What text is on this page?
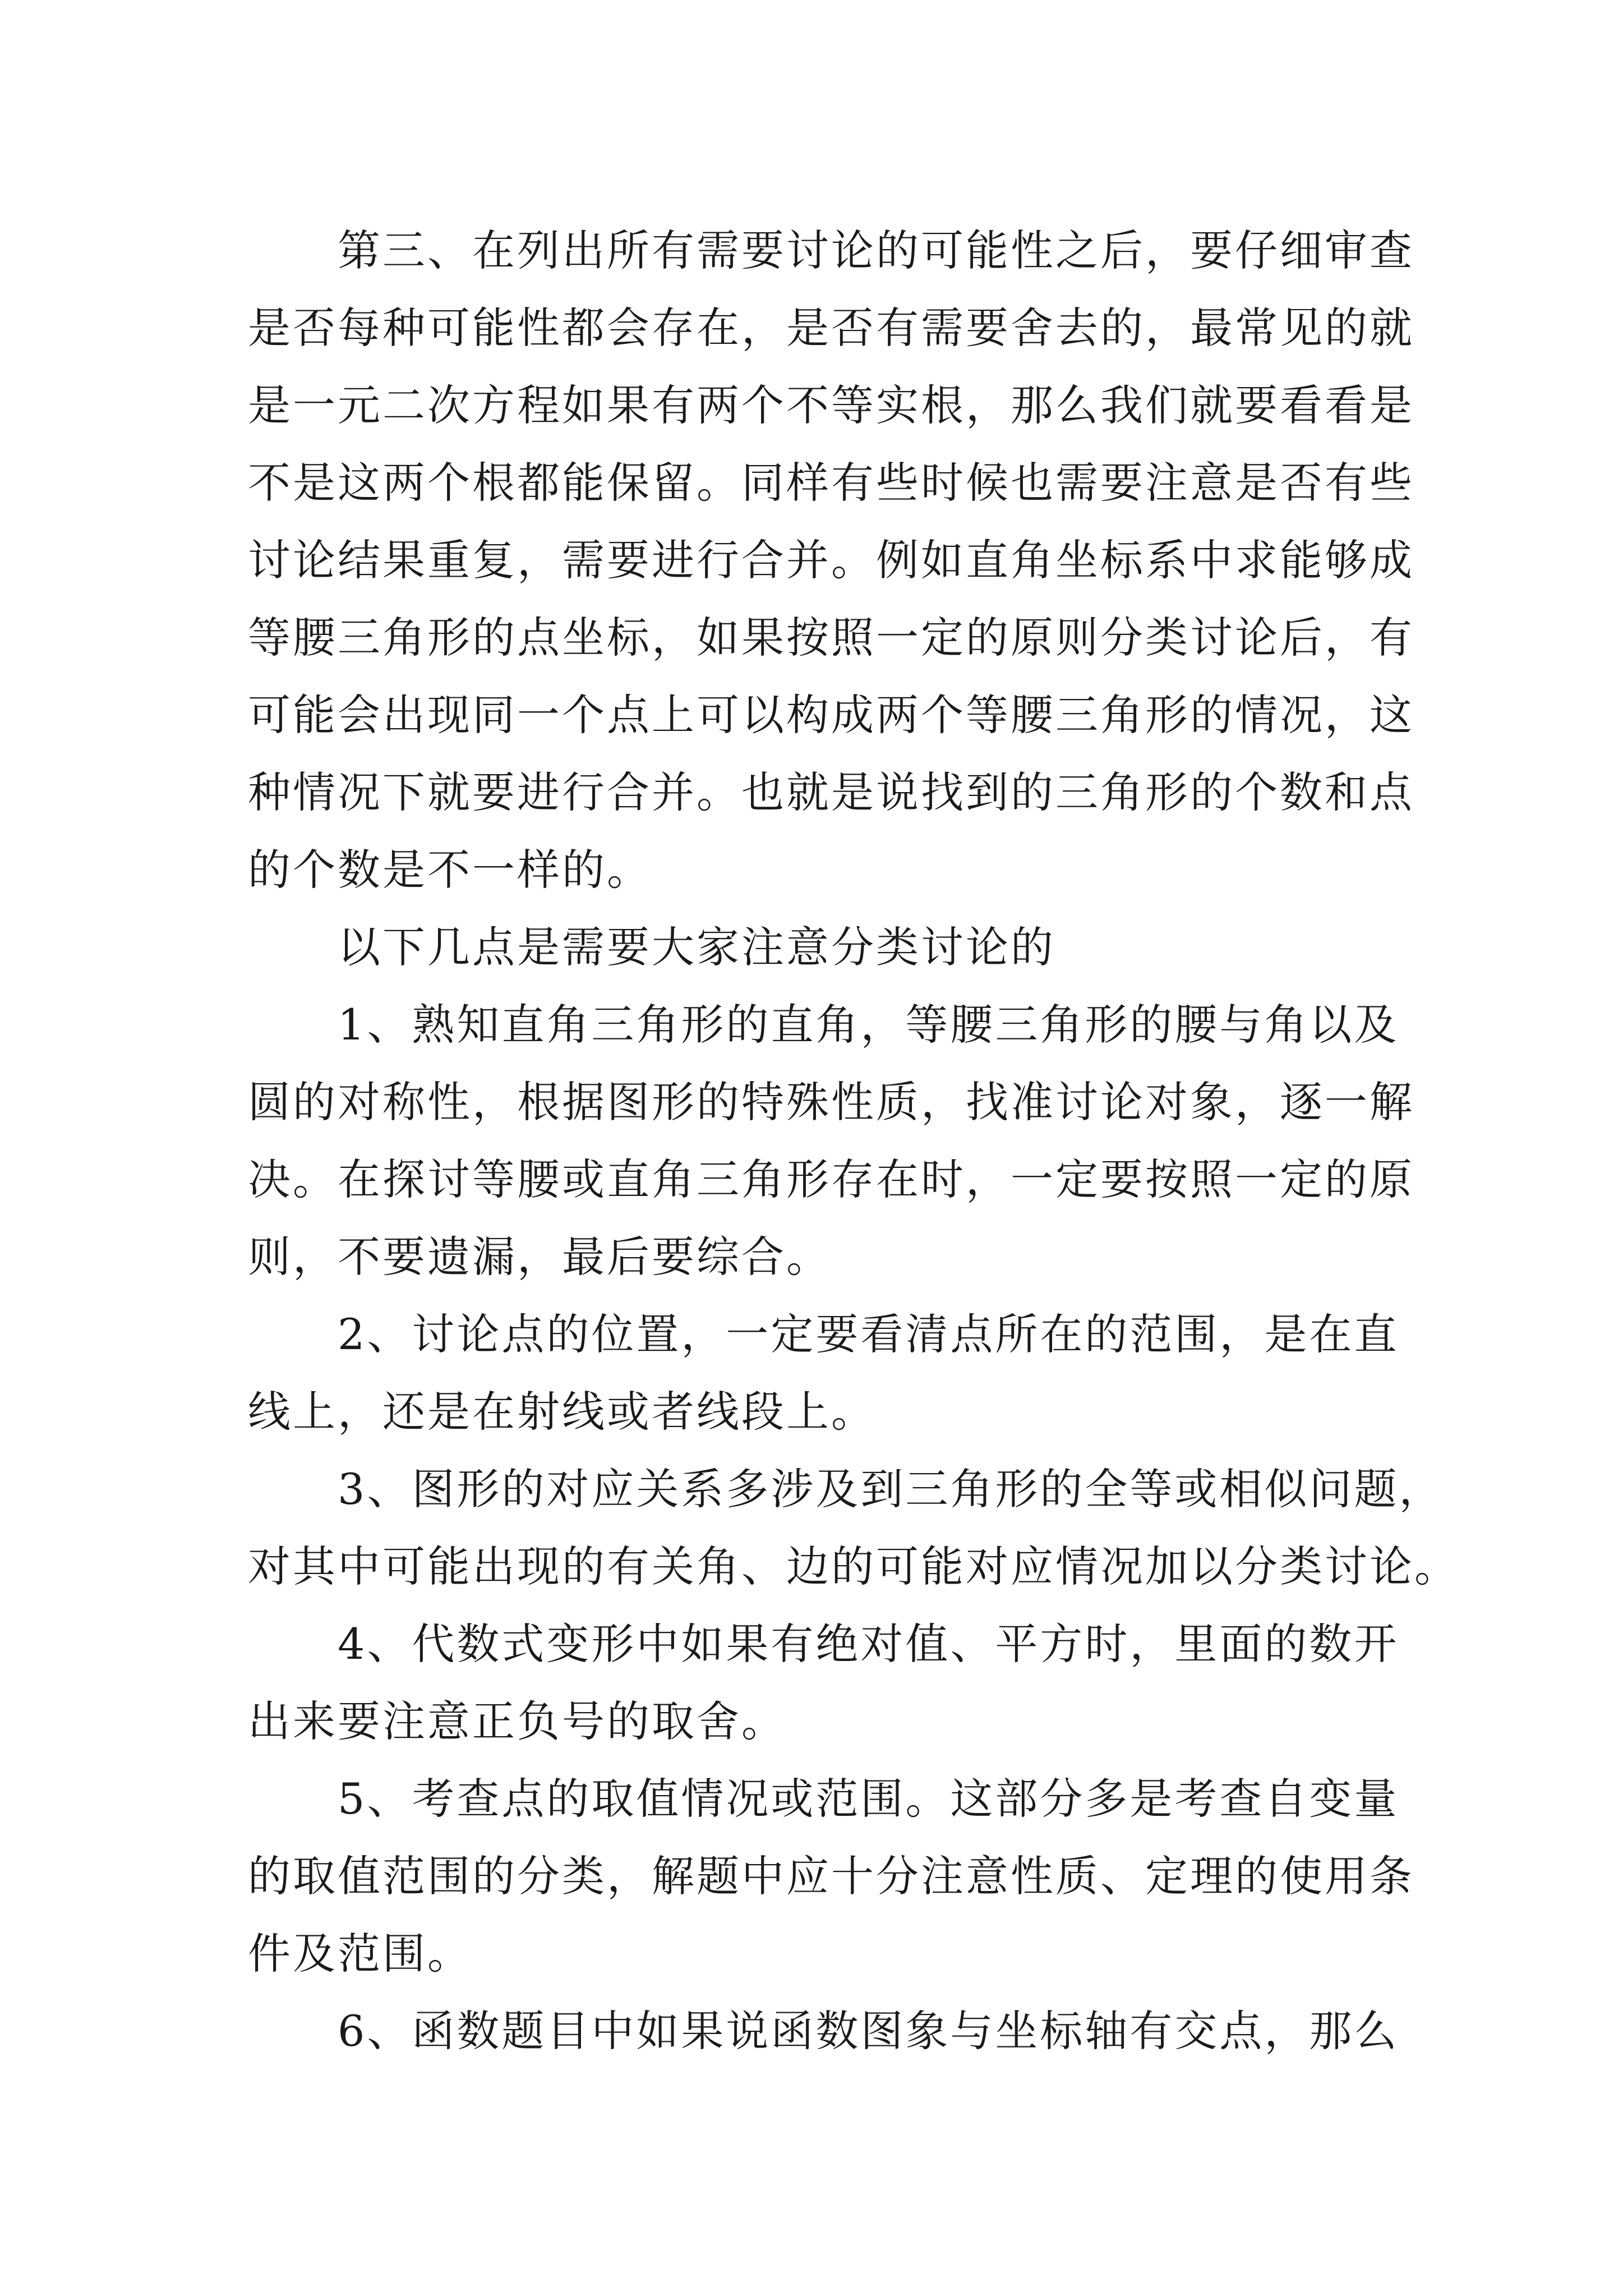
第三、在列出所有需要讨论的可能性之后，要仔细审查
是否每种可能性都会存在，是否有需要舍去的，最常见的就
是一元二次方程如果有两个不等实根，那么我们就要看看是
不是这两个根都能保留。同样有些时候也需要注意是否有些
讨论结果重复，需要进行合并。例如直角坐标系中求能够成
等腰三角形的点坐标，如果按照一定的原则分类讨论后，有
可能会出现同一个点上可以构成两个等腰三角形的情况，这
种情况下就要进行合并。也就是说找到的三角形的个数和点
的个数是不一样的。
以下几点是需要大家注意分类讨论的
1、熟知直角三角形的直角，等腰三角形的腰与角以及
圆的对称性，根据图形的特殊性质，找准讨论对象，逐一解
决。在探讨等腰或直角三角形存在时，一定要按照一定的原
则，不要遗漏，最后要综合。
2、讨论点的位置，一定要看清点所在的范围，是在直
线上，还是在射线或者线段上。
3、图形的对应关系多涉及到三角形的全等或相似问题，
对其中可能出现的有关角、边的可能对应情况加以分类讨论。
4、代数式变形中如果有绝对值、平方时，里面的数开
出来要注意正负号的取舍。
5、考查点的取值情况或范围。这部分多是考查自变量
的取值范围的分类，解题中应十分注意性质、定理的使用条
件及范围。
6、函数题目中如果说函数图象与坐标轴有交点，那么
